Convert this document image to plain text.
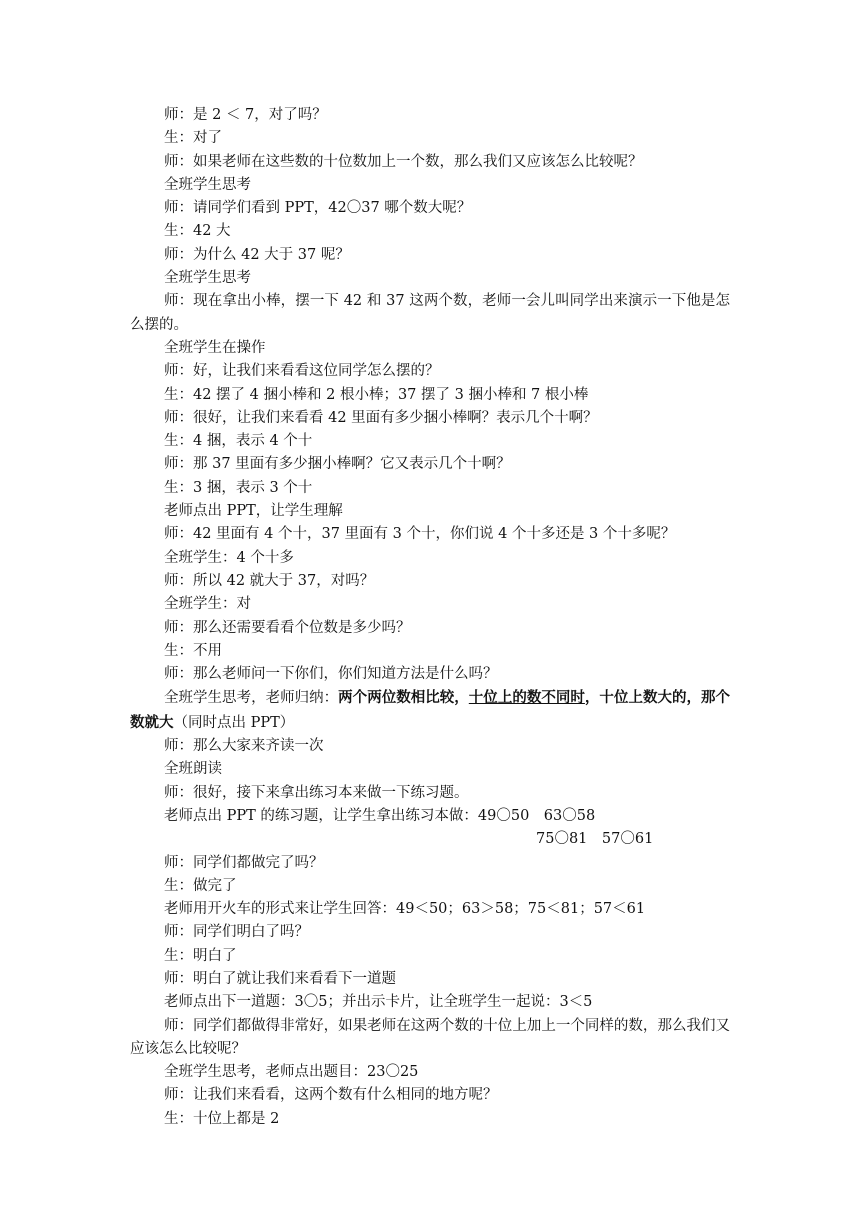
师：是 2 ＜ 7，对了吗？
生：对了
师：如果老师在这些数的十位数加上一个数，那么我们又应该怎么比较呢？
全班学生思考
师：请同学们看到 PPT，42〇37 哪个数大呢？
生：42 大
师：为什么 42 大于 37 呢？
全班学生思考
师：现在拿出小棒，摆一下 42 和 37 这两个数，老师一会儿叫同学出来演示一下他是怎么摆的。
全班学生在操作
师：好，让我们来看看这位同学怎么摆的？
生：42 摆了 4 捆小棒和 2 根小棒；37 摆了 3 捆小棒和 7 根小棒
师：很好，让我们来看看 42 里面有多少捆小棒啊？表示几个十啊？
生：4 捆，表示 4 个十
师：那 37 里面有多少捆小棒啊？它又表示几个十啊？
生：3 捆，表示 3 个十
老师点出 PPT，让学生理解
师：42 里面有 4 个十，37 里面有 3 个十，你们说 4 个十多还是 3 个十多呢？
全班学生：4 个十多
师：所以 42 就大于 37，对吗？
全班学生：对
师：那么还需要看看个位数是多少吗？
生：不用
师：那么老师问一下你们，你们知道方法是什么吗？
全班学生思考，老师归纳：两个两位数相比较，十位上的数不同时，十位上数大的，那个数就大（同时点出 PPT）
师：那么大家来齐读一次
全班朗读
师：很好，接下来拿出练习本来做一下练习题。
老师点出 PPT 的练习题，让学生拿出练习本做：49〇50　63〇58
75〇81　57〇61
师：同学们都做完了吗？
生：做完了
老师用开火车的形式来让学生回答：49＜50；63＞58；75＜81；57＜61
师：同学们明白了吗？
生：明白了
师：明白了就让我们来看看下一道题
老师点出下一道题：3〇5；并出示卡片，让全班学生一起说：3＜5
师：同学们都做得非常好，如果老师在这两个数的十位上加上一个同样的数，那么我们又应该怎么比较呢？
全班学生思考，老师点出题目：23〇25
师：让我们来看看，这两个数有什么相同的地方呢？
生：十位上都是 2
